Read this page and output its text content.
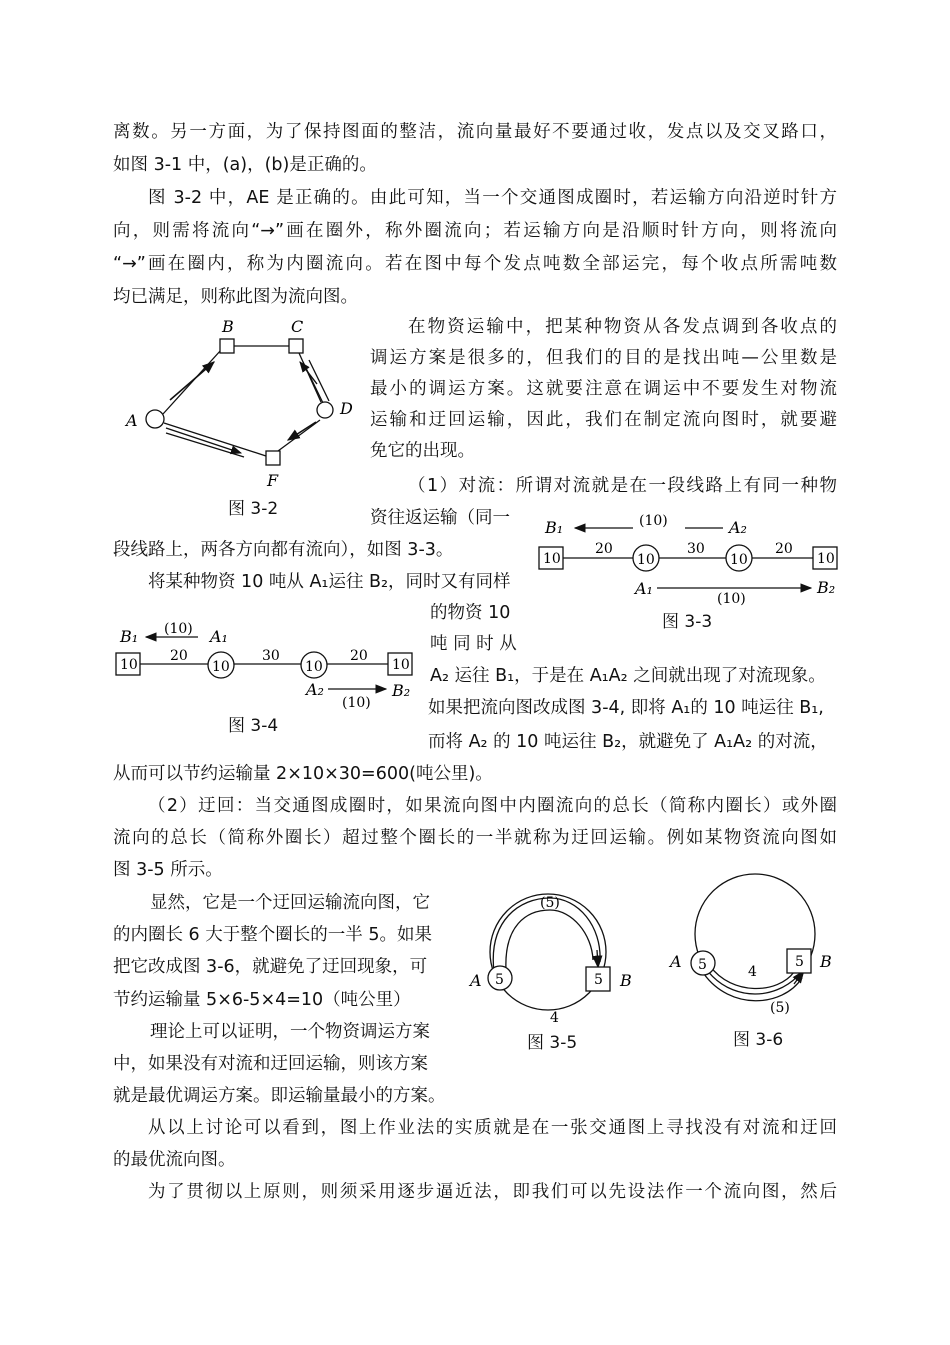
离数。另一方面，为了保持图面的整洁，流向量最好不要通过收，发点以及交叉路口，
如图 3-1 中，(a)，(b)是正确的。
图 3-2 中，AE 是正确的。由此可知，当一个交通图成圈时，若运输方向沿逆时针方
向，则需将流向“→”画在圈外，称外圈流向；若运输方向是沿顺时针方向，则将流向
“→”画在圈内，称为内圈流向。若在图中每个发点吨数全部运完，每个收点所需吨数
均已满足，则称此图为流向图。
在物资运输中，把某种物资从各发点调到各收点的
调运方案是很多的，但我们的目的是找出吨—公里数是
最小的调运方案。这就要注意在调运中不要发生对物流
运输和迂回运输，因此，我们在制定流向图时，就要避
免它的出现。
（1）对流：所谓对流就是在一段线路上有同一种物
资往返运输（同一
段线路上，两各方向都有流向），如图 3-3。
将某种物资 10 吨从 A₁运往 B₂，同时又有同样
的物资 10
吨 同 时 从
A₂ 运往 B₁，于是在 A₁A₂ 之间就出现了对流现象。
如果把流向图改成图 3-4, 即将 A₁的 10 吨运往 B₁,
而将 A₂ 的 10 吨运往 B₂，就避免了 A₁A₂ 的对流，
从而可以节约运输量 2×10×30=600(吨公里)。
（2）迂回：当交通图成圈时，如果流向图中内圈流向的总长（简称内圈长）或外圈
流向的总长（简称外圈长）超过整个圈长的一半就称为迂回运输。例如某物资流向图如
图 3-5 所示。
显然，它是一个迂回运输流向图，它
的内圈长 6 大于整个圈长的一半 5。如果
把它改成图 3-6，就避免了迂回现象，可
节约运输量 5×6-5×4=10（吨公里）
理论上可以证明，一个物资调运方案
中，如果没有对流和迂回运输，则该方案
就是最优调运方案。即运输量最小的方案。
从以上讨论可以看到，图上作业法的实质就是在一张交通图上寻找没有对流和迂回
的最优流向图。
为了贯彻以上原则，则须采用逐步逼近法，即我们可以先设法作一个流向图，然后
A
B	C
D
F
图 3-2
B₁	(10)	A₂
10	10	10	10
20	30	20
A₁	B₂
(10)
图 3-3
B₁ (10) A₁
10	10	10	10
20	30	20
A₂	B₂
(10)
图 3-4
5	5
(5)
A	B
4
图 3-5
5	5
A	B
4
(5)
图 3-6
